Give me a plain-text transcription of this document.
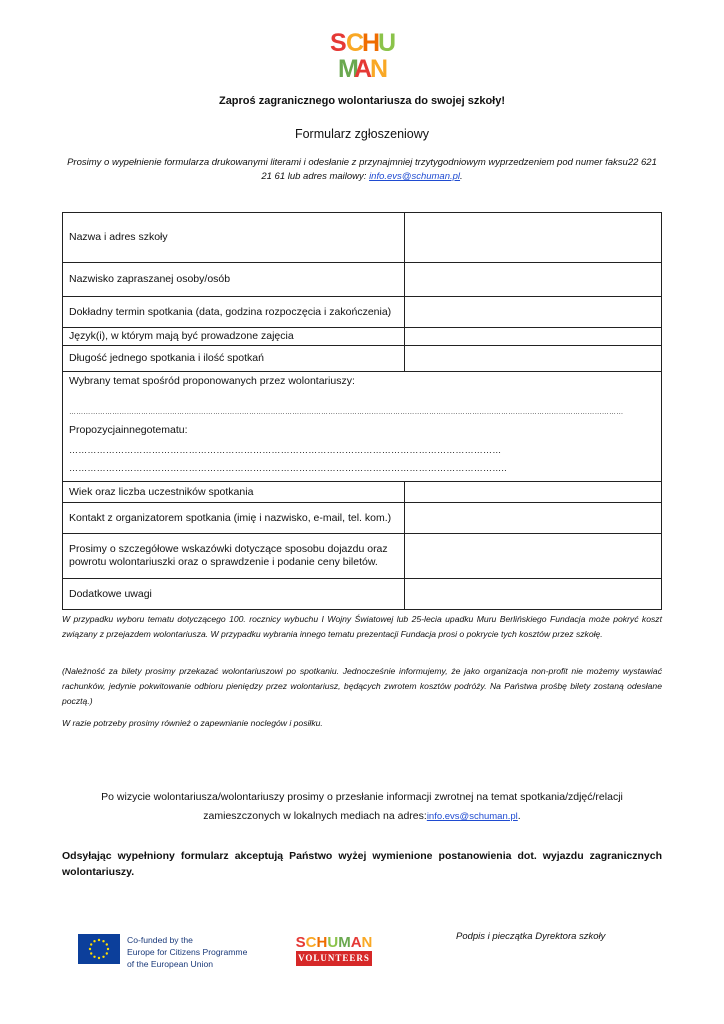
S C
H
U
M
A
N
Zaproś zagranicznego wolontariusza do swojej szkoły!
Formularz zgłoszeniowy
Prosimy o wypełnienie formularza drukowanymi literami i odesłanie z przynajmniej trzytygodniowym wyprzedzeniem pod numer faksu22 621 21 61 lub adres mailowy: info.evs@schuman.pl.
Nazwa i adres szkoły
Nazwisko zapraszanej osoby/osób
Dokładny termin spotkania (data, godzina rozpoczęcia i zakończenia)
Język(i), w którym mają być prowadzone zajęcia
Długość jednego spotkania i ilość spotkań
Wybrany temat spośród proponowanych przez wolontariuszy:
……………………………………………………………………………………………………………………………………………………………………………………………………………
Propozycjainnegotematu:
……………………………………………………………………………………………………………………………
……………………………………………………………………………………………………………………………..
Wiek oraz liczba uczestników spotkania
Kontakt z organizatorem spotkania (imię i nazwisko, e-mail, tel. kom.)
Prosimy o szczegółowe wskazówki dotyczące sposobu dojazdu oraz powrotu wolontariuszki oraz o sprawdzenie i podanie ceny biletów.
Dodatkowe uwagi

W przypadku wyboru tematu dotyczącego 100. rocznicy wybuchu I Wojny Światowej lub 25-lecia upadku Muru Berlińskiego Fundacja może pokryć koszt związany z przejazdem wolontariusza. W przypadku wybrania innego tematu prezentacji Fundacja prosi o pokrycie tych kosztów przez szkołę.

(Należność za bilety prosimy przekazać wolontariuszowi po spotkaniu. Jednocześnie informujemy, że jako organizacja non-profit nie możemy wystawiać rachunków, jedynie pokwitowanie odbioru pieniędzy przez wolontariusz, będących zwrotem kosztów podróży. Na Państwa prośbę bilety zostaną odesłane pocztą.)

W razie potrzeby prosimy również o zapewnianie noclegów i posiłku.

Po wizycie wolontariusza/wolontariuszy prosimy o przesłanie informacji zwrotnej na temat spotkania/zdjęć/relacji zamieszczonych w lokalnych mediach na adres:info.evs@schuman.pl.
Odsyłając wypełniony formularz akceptują Państwo wyżej wymienione postanowienia dot. wyjazdu zagranicznych wolontariuszy.
Co-funded by the
Europe for Citizens Programme
of the European Union
S C H U M A N
VOLUNTEERS
Podpis i pieczątka Dyrektora szkoły
